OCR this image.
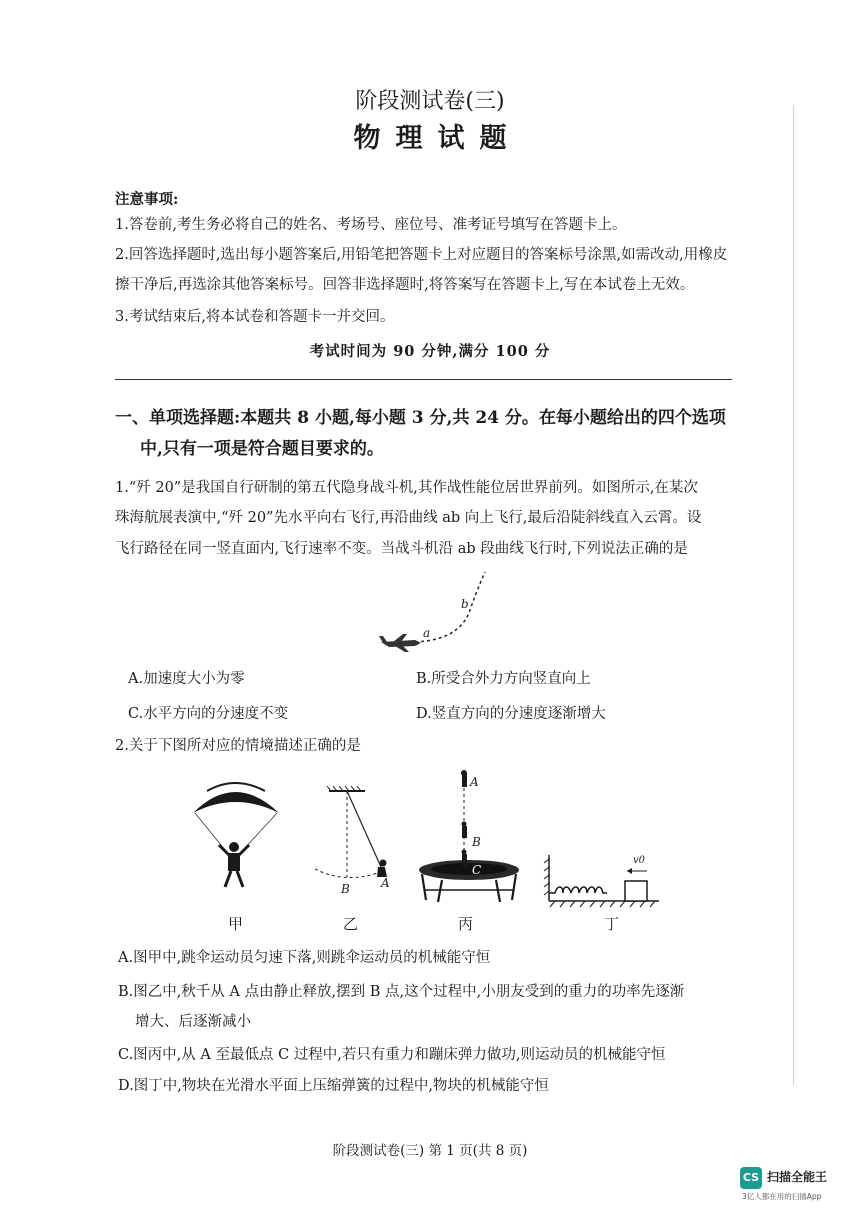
阶段测试卷(三)
物理试题
注意事项:
1.答卷前,考生务必将自己的姓名、考场号、座位号、准考证号填写在答题卡上。
2.回答选择题时,选出每小题答案后,用铅笔把答题卡上对应题目的答案标号涂黑,如需改动,用橡皮
擦干净后,再选涂其他答案标号。回答非选择题时,将答案写在答题卡上,写在本试卷上无效。
3.考试结束后,将本试卷和答题卡一并交回。
考试时间为 90 分钟,满分 100 分
一、单项选择题:本题共 8 小题,每小题 3 分,共 24 分。在每小题给出的四个选项
中,只有一项是符合题目要求的。
1.“歼 20”是我国自行研制的第五代隐身战斗机,其作战性能位居世界前列。如图所示,在某次
珠海航展表演中,“歼 20”先水平向右飞行,再沿曲线 ab 向上飞行,最后沿陡斜线直入云霄。设
飞行路径在同一竖直面内,飞行速率不变。当战斗机沿 ab 段曲线飞行时,下列说法正确的是
a
b
A.加速度大小为零	B.所受合外力方向竖直向上
C.水平方向的分速度不变	D.竖直方向的分速度逐渐增大
2.关于下图所对应的情境描述正确的是
B	A
A
B
C
v0
甲	乙	丙	丁
A.图甲中,跳伞运动员匀速下落,则跳伞运动员的机械能守恒
B.图乙中,秋千从 A 点由静止释放,摆到 B 点,这个过程中,小朋友受到的重力的功率先逐渐
增大、后逐渐减小
C.图丙中,从 A 至最低点 C 过程中,若只有重力和蹦床弹力做功,则运动员的机械能守恒
D.图丁中,物块在光滑水平面上压缩弹簧的过程中,物块的机械能守恒
阶段测试卷(三) 第 1 页(共 8 页)
CS 扫描全能王
3亿人都在用的扫描App
